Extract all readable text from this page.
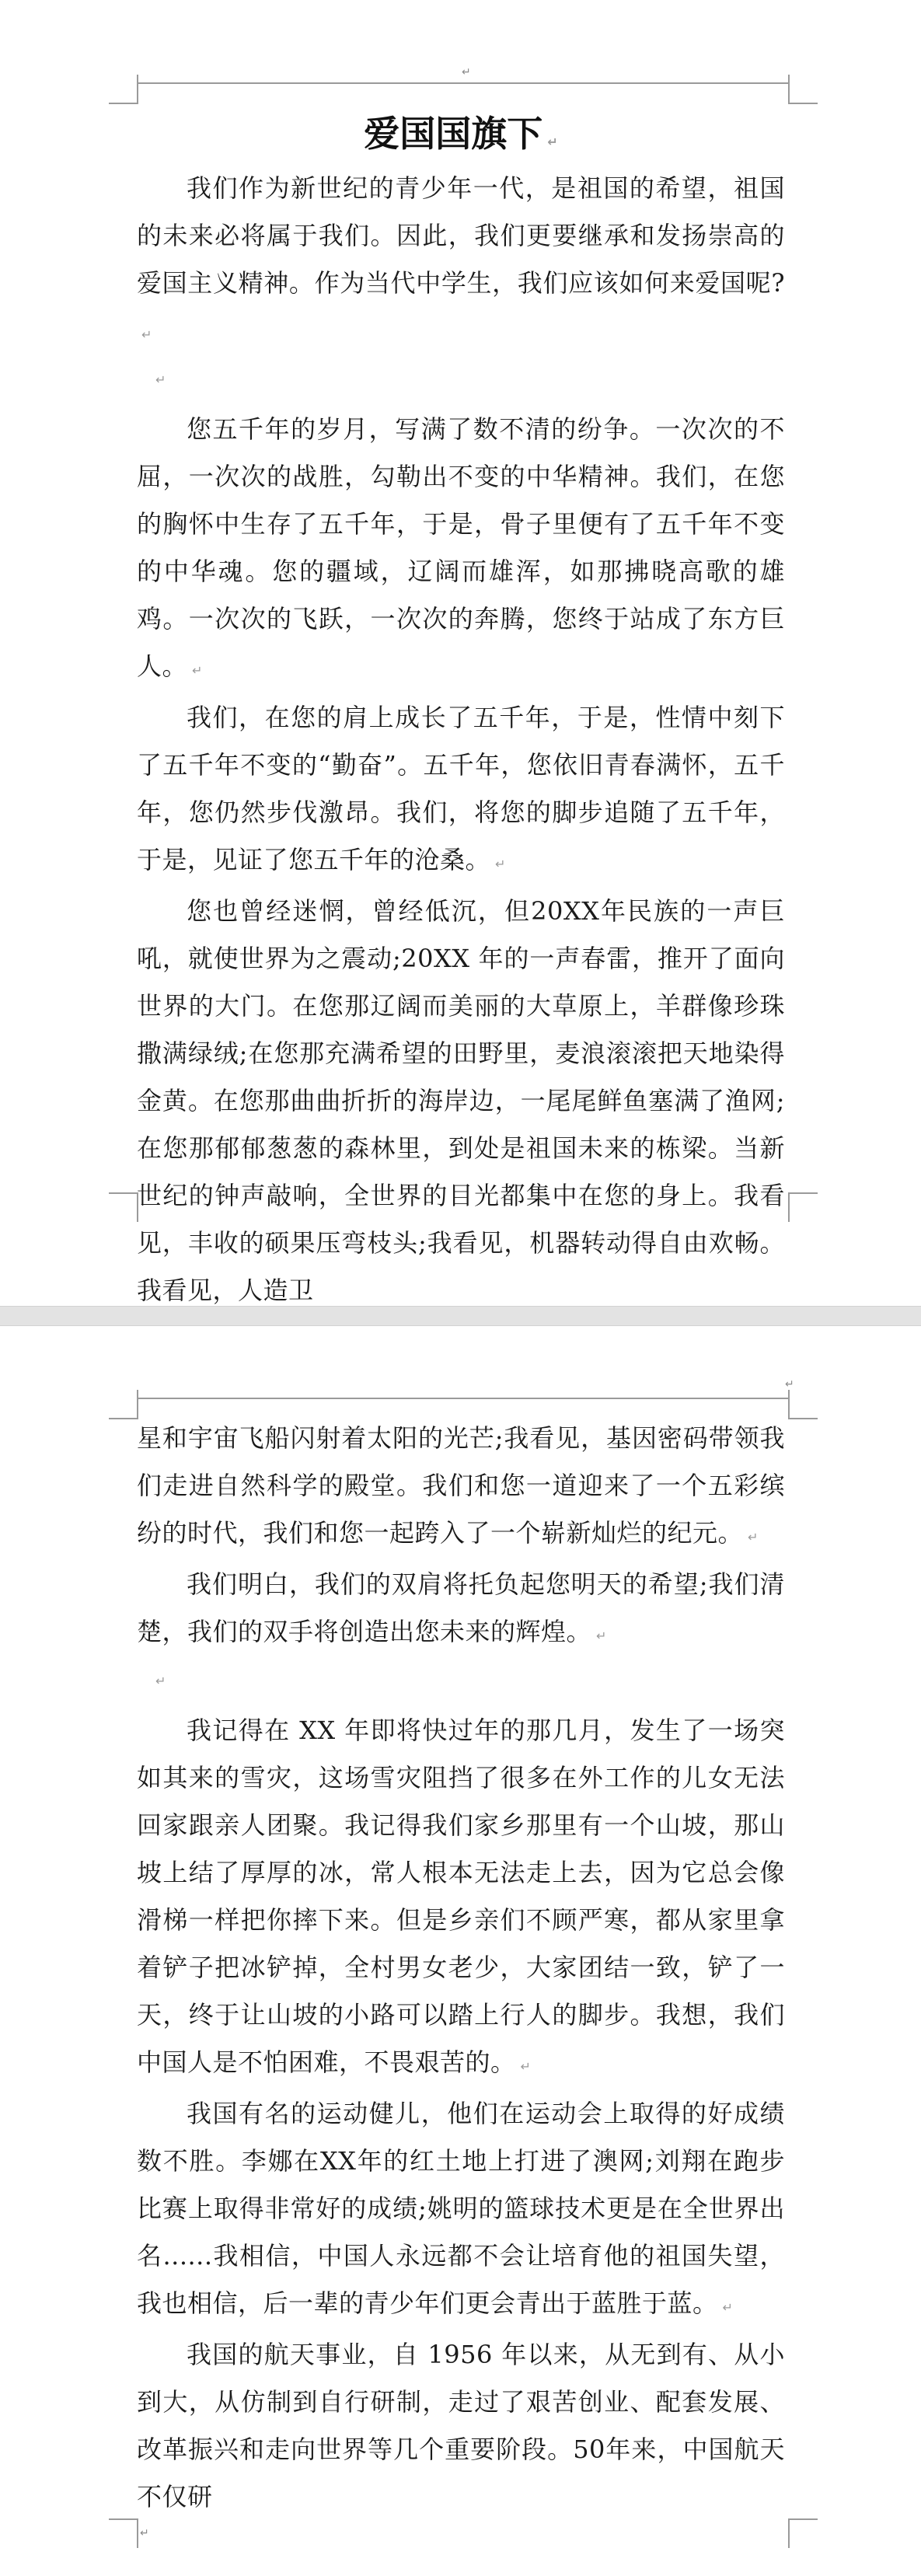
↵
爱国国旗下 ↵

我们作为新世纪的青少年一代，是祖国的希望，祖国的未来必将属于我们。因此，我们更要继承和发扬崇高的爱国主义精神。作为当代中学生，我们应该如何来爱国呢?↵

↵

您五千年的岁月，写满了数不清的纷争。一次次的不屈，一次次的战胜，勾勒出不变的中华精神。我们，在您的胸怀中生存了五千年，于是，骨子里便有了五千年不变的中华魂。您的疆域，辽阔而雄浑，如那拂晓高歌的雄鸡。一次次的飞跃，一次次的奔腾，您终于站成了东方巨人。 ↵

我们，在您的肩上成长了五千年，于是，性情中刻下了五千年不变的“勤奋”。五千年，您依旧青春满怀，五千年，您仍然步伐激昂。我们，将您的脚步追随了五千年，于是，见证了您五千年的沧桑。 ↵

您也曾经迷惘，曾经低沉，但20XX年民族的一声巨吼，就使世界为之震动;20XX 年的一声春雷，推开了面向世界的大门。在您那辽阔而美丽的大草原上，羊群像珍珠撒满绿绒;在您那充满希望的田野里，麦浪滚滚把天地染得金黄。在您那曲曲折折的海岸边，一尾尾鲜鱼塞满了渔网;在您那郁郁葱葱的森林里，到处是祖国未来的栋梁。当新世纪的钟声敲响，全世界的目光都集中在您的身上。我看见，丰收的硕果压弯枝头;我看见，机器转动得自由欢畅。我看见，人造卫

↵

星和宇宙飞船闪射着太阳的光芒;我看见，基因密码带领我们走进自然科学的殿堂。我们和您一道迎来了一个五彩缤纷的时代，我们和您一起跨入了一个崭新灿烂的纪元。 ↵

我们明白，我们的双肩将托负起您明天的希望;我们清楚，我们的双手将创造出您未来的辉煌。 ↵

↵

我记得在 XX 年即将快过年的那几月，发生了一场突如其来的雪灾，这场雪灾阻挡了很多在外工作的儿女无法回家跟亲人团聚。我记得我们家乡那里有一个山坡，那山坡上结了厚厚的冰，常人根本无法走上去，因为它总会像滑梯一样把你摔下来。但是乡亲们不顾严寒，都从家里拿着铲子把冰铲掉，全村男女老少，大家团结一致，铲了一天，终于让山坡的小路可以踏上行人的脚步。我想，我们中国人是不怕困难，不畏艰苦的。 ↵

我国有名的运动健儿，他们在运动会上取得的好成绩数不胜。李娜在XX年的红土地上打进了澳网;刘翔在跑步比赛上取得非常好的成绩;姚明的篮球技术更是在全世界出名......我相信，中国人永远都不会让培育他的祖国失望，我也相信，后一辈的青少年们更会青出于蓝胜于蓝。 ↵

我国的航天事业，自 1956 年以来，从无到有、从小到大，从仿制到自行研制，走过了艰苦创业、配套发展、改革振兴和走向世界等几个重要阶段。50年来，中国航天不仅研

↵
